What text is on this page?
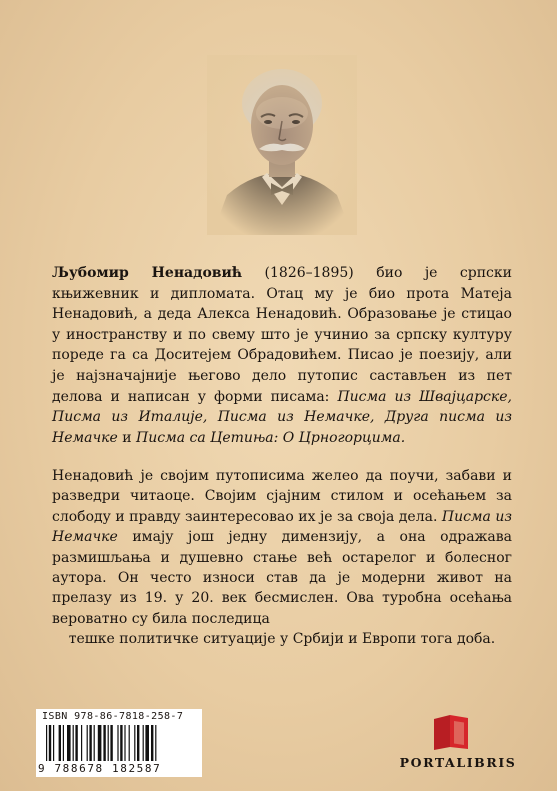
Љубомир Ненадовић (1826–1895) био је српски књижевник и дипломата. Отац му је био прота Матеја Ненадовић, а деда Алекса Ненадовић. Образовање је стицао у иностранству и по свему што је учинио за српску културу пореде га са Доситејем Обрадовићем. Писао је поезију, али је најзначајније његово дело путопис састављен из пет делова и написан у форми писама: Писма из Швајцарске, Писма из Италије, Писма из Немачке, Друга писма из Немачке и Писма са Цетиња: О Црногорцима.
Ненадовић је својим путописима желео да поучи, забави и разведри читаоце. Својим сјајним стилом и осећањем за слободу и правду заинтересовао их је за своја дела. Писма из Немачке имају још једну димензију, а она одражава размишљања и душевно стање већ остарелог и болесног аутора. Он често износи став да је модерни живот на прелазу из 19. у 20. век бесмислен. Ова туробна осећања вероватно су била последица
тешке политичке ситуације у Србији и Европи тога доба.
ISBN 978-86-7818-258-7
9 788678 182587	PORTALIBRIS
